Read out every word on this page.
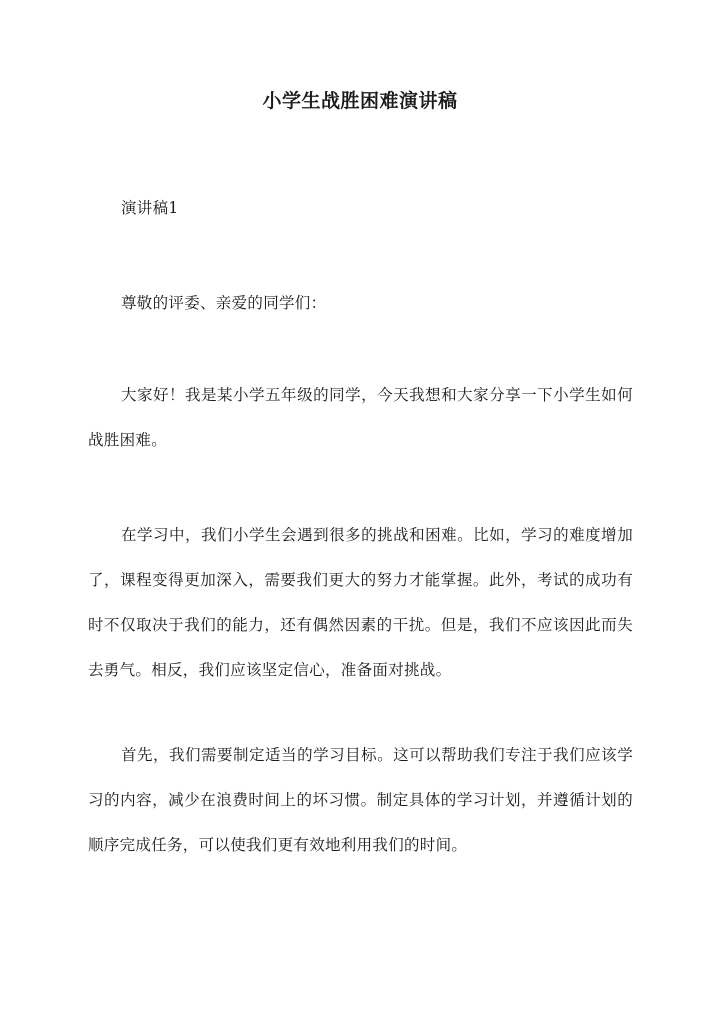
小学生战胜困难演讲稿

演讲稿1

尊敬的评委、亲爱的同学们：

大家好！我是某小学五年级的同学，今天我想和大家分享一下小学生如何战胜困难。

在学习中，我们小学生会遇到很多的挑战和困难。比如，学习的难度增加了，课程变得更加深入，需要我们更大的努力才能掌握。此外，考试的成功有时不仅取决于我们的能力，还有偶然因素的干扰。但是，我们不应该因此而失去勇气。相反，我们应该坚定信心，准备面对挑战。

首先，我们需要制定适当的学习目标。这可以帮助我们专注于我们应该学习的内容，减少在浪费时间上的坏习惯。制定具体的学习计划，并遵循计划的顺序完成任务，可以使我们更有效地利用我们的时间。
